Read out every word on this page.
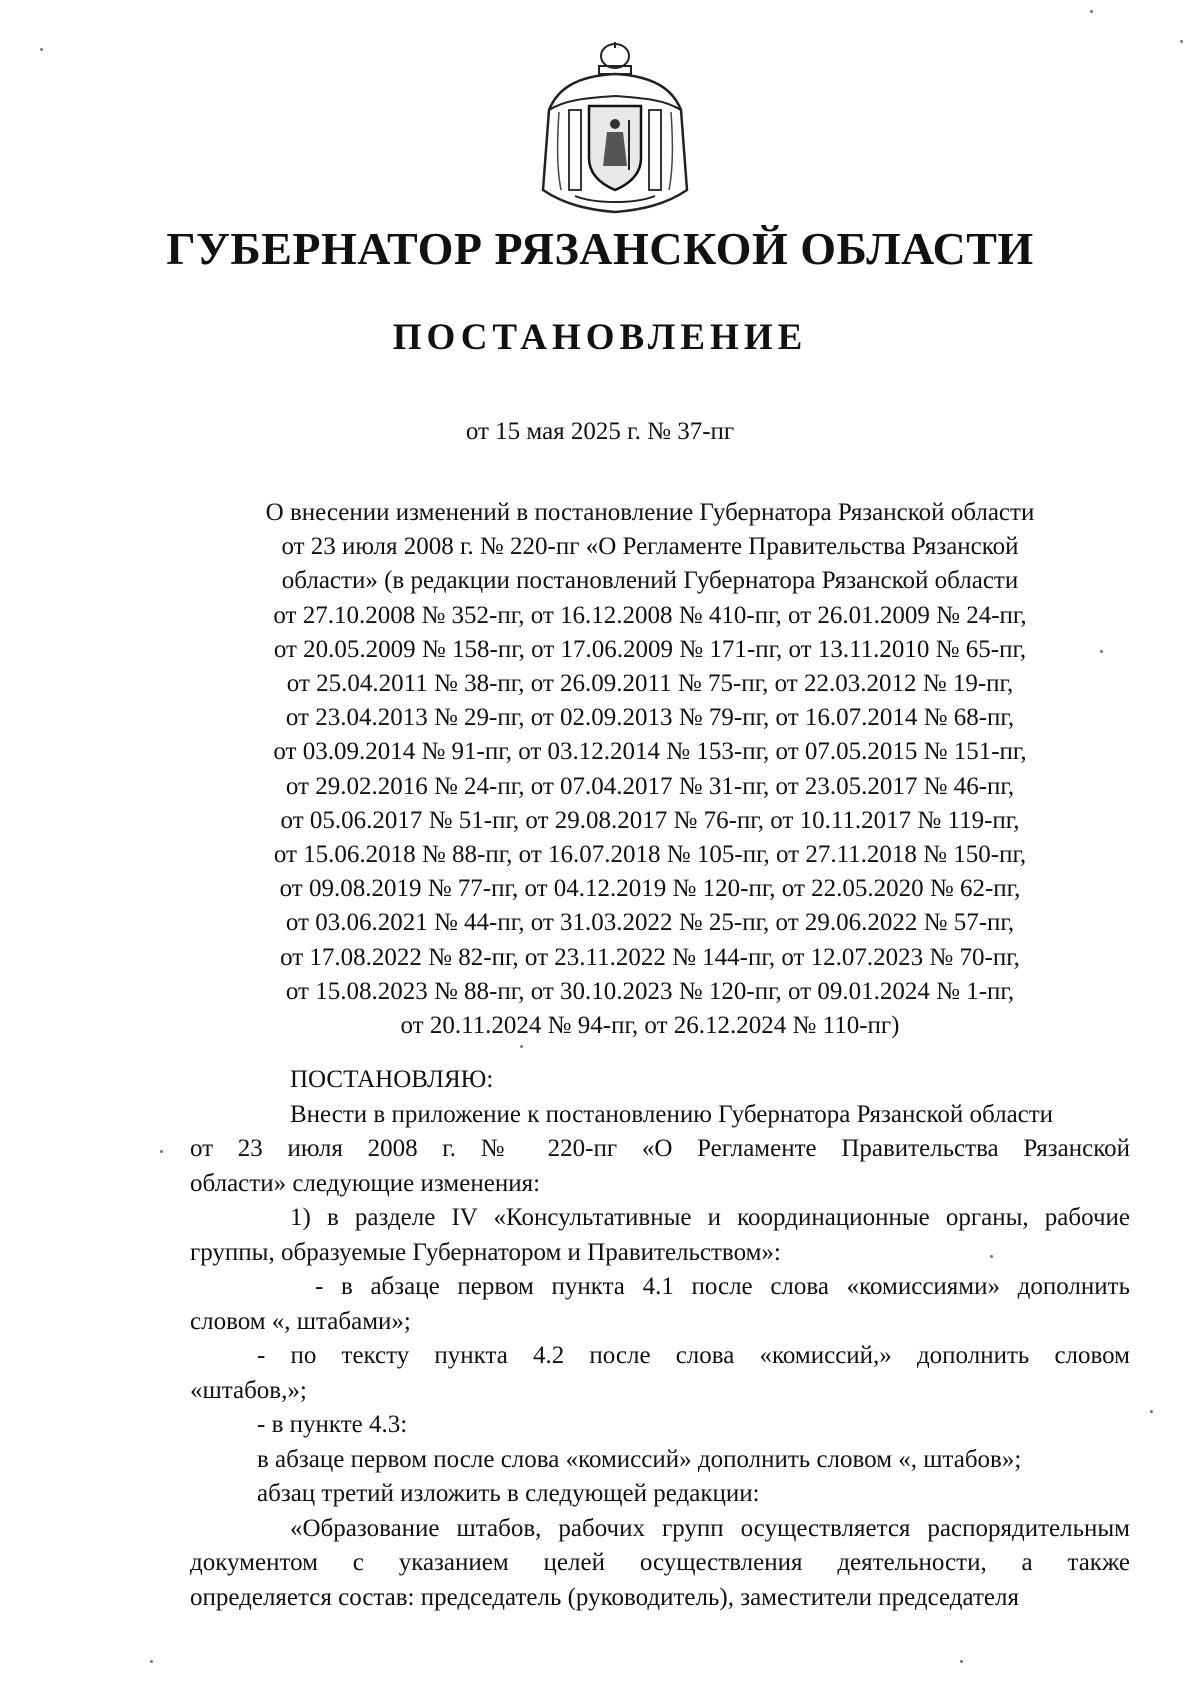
ГУБЕРНАТОР РЯЗАНСКОЙ ОБЛАСТИ
ПОСТАНОВЛЕНИЕ
от 15 мая 2025 г. № 37-пг
О внесении изменений в постановление Губернатора Рязанской области
от 23 июля 2008 г. № 220-пг «О Регламенте Правительства Рязанской
области» (в редакции постановлений Губернатора Рязанской области
от 27.10.2008 № 352-пг, от 16.12.2008 № 410-пг, от 26.01.2009 № 24-пг,
от 20.05.2009 № 158-пг, от 17.06.2009 № 171-пг, от 13.11.2010 № 65-пг,
от 25.04.2011 № 38-пг, от 26.09.2011 № 75-пг, от 22.03.2012 № 19-пг,
от 23.04.2013 № 29-пг, от 02.09.2013 № 79-пг, от 16.07.2014 № 68-пг,
от 03.09.2014 № 91-пг, от 03.12.2014 № 153-пг, от 07.05.2015 № 151-пг,
от 29.02.2016 № 24-пг, от 07.04.2017 № 31-пг, от 23.05.2017 № 46-пг,
от 05.06.2017 № 51-пг, от 29.08.2017 № 76-пг, от 10.11.2017 № 119-пг,
от 15.06.2018 № 88-пг, от 16.07.2018 № 105-пг, от 27.11.2018 № 150-пг,
от 09.08.2019 № 77-пг, от 04.12.2019 № 120-пг, от 22.05.2020 № 62-пг,
от 03.06.2021 № 44-пг, от 31.03.2022 № 25-пг, от 29.06.2022 № 57-пг,
от 17.08.2022 № 82-пг, от 23.11.2022 № 144-пг, от 12.07.2023 № 70-пг,
от 15.08.2023 № 88-пг, от 30.10.2023 № 120-пг, от 09.01.2024 № 1-пг,
от 20.11.2024 № 94-пг, от 26.12.2024 № 110-пг)

ПОСТАНОВЛЯЮ:

Внести в приложение к постановлению Губернатора Рязанской области

от 23 июля 2008 г. № 220-пг «О Регламенте Правительства Рязанской

области» следующие изменения:

1) в разделе IV «Консультативные и координационные органы, рабочие

группы, образуемые Губернатором и Правительством»:

- в абзаце первом пункта 4.1 после слова «комиссиями» дополнить

словом «, штабами»;

- по тексту пункта 4.2 после слова «комиссий,» дополнить словом

«штабов,»;

- в пункте 4.3:

в абзаце первом после слова «комиссий» дополнить словом «, штабов»;

абзац третий изложить в следующей редакции:

«Образование штабов, рабочих групп осуществляется распорядительным

документом с указанием целей осуществления деятельности, а также

определяется состав: председатель (руководитель), заместители председателя
